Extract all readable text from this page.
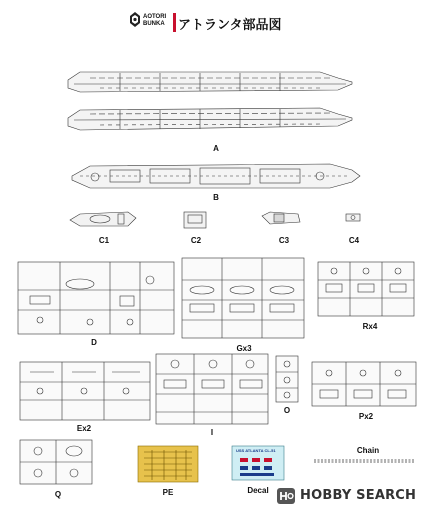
AOTORI
BUNKA アトランタ部品図
USS ATLANTA CL-51
A
B
C1	C2	C3	C4
D
Gx3
Rx4
Ex2	I
O
Px2
Q	PE	Decal
Chain
HOBBY SEARCH
